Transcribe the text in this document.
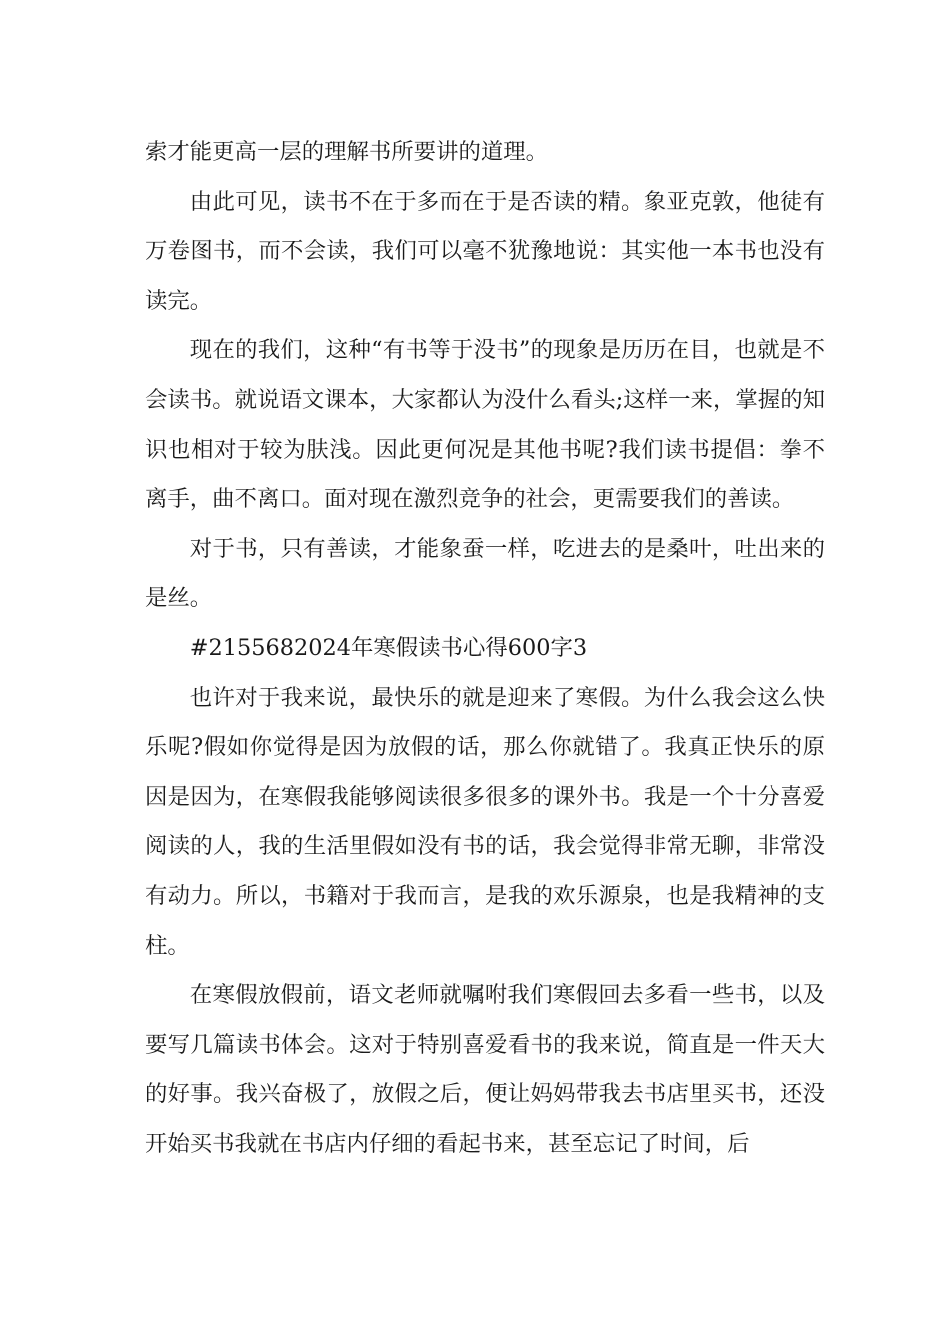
索才能更高一层的理解书所要讲的道理。

由此可见，读书不在于多而在于是否读的精。象亚克敦，他徒有万卷图书，而不会读，我们可以毫不犹豫地说：其实他一本书也没有读完。

现在的我们，这种“有书等于没书”的现象是历历在目，也就是不会读书。就说语文课本，大家都认为没什么看头;这样一来，掌握的知识也相对于较为肤浅。因此更何况是其他书呢?我们读书提倡：拳不离手，曲不离口。面对现在激烈竞争的社会，更需要我们的善读。

对于书，只有善读，才能象蚕一样，吃进去的是桑叶，吐出来的是丝。

#2155682024年寒假读书心得600字3

也许对于我来说，最快乐的就是迎来了寒假。为什么我会这么快乐呢?假如你觉得是因为放假的话，那么你就错了。我真正快乐的原因是因为，在寒假我能够阅读很多很多的课外书。我是一个十分喜爱阅读的人，我的生活里假如没有书的话，我会觉得非常无聊，非常没有动力。所以，书籍对于我而言，是我的欢乐源泉，也是我精神的支柱。

在寒假放假前，语文老师就嘱咐我们寒假回去多看一些书，以及要写几篇读书体会。这对于特别喜爱看书的我来说，简直是一件天大的好事。我兴奋极了，放假之后，便让妈妈带我去书店里买书，还没开始买书我就在书店内仔细的看起书来，甚至忘记了时间，后
